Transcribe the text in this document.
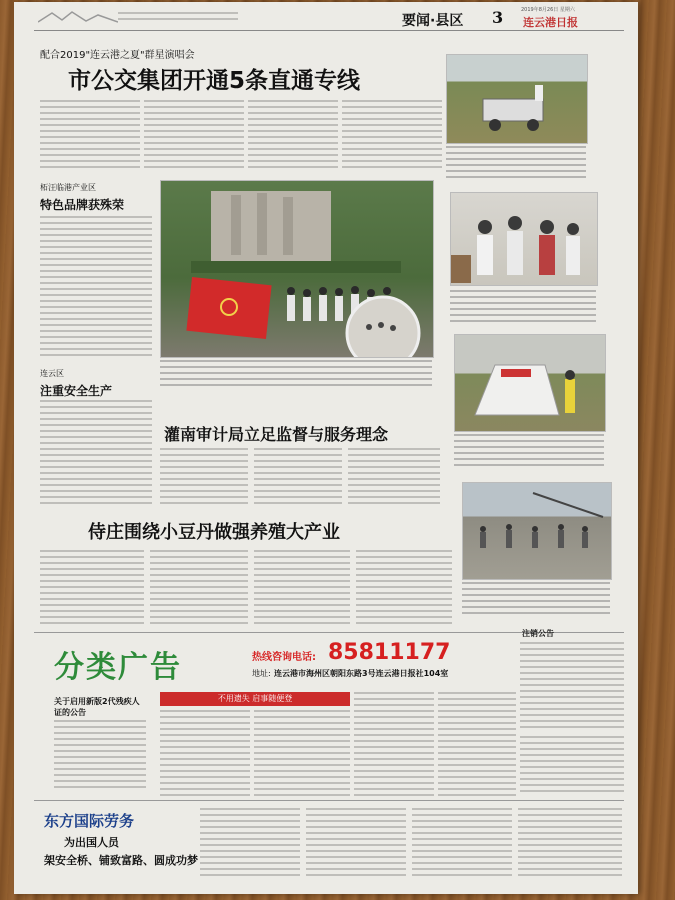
要闻·县区 3	2019年8月26日 星期六
连云港日报
配合2019"连云港之夏"群星演唱会
市公交集团开通5条直通专线
柘汪临港产业区
特色品牌获殊荣
连云区
注重安全生产
灌南审计局立足监督与服务理念
侍庄围绕小豆丹做强养殖大产业
分类广告	热线咨询电话: 85811177
地址: 连云港市海州区朝阳东路3号连云港日报社104室
注销公告
关于启用新版2代残疾人证的公告
不用遗失 启事随便登
东方国际劳务
为出国人员
架安全桥、铺致富路、圆成功梦
